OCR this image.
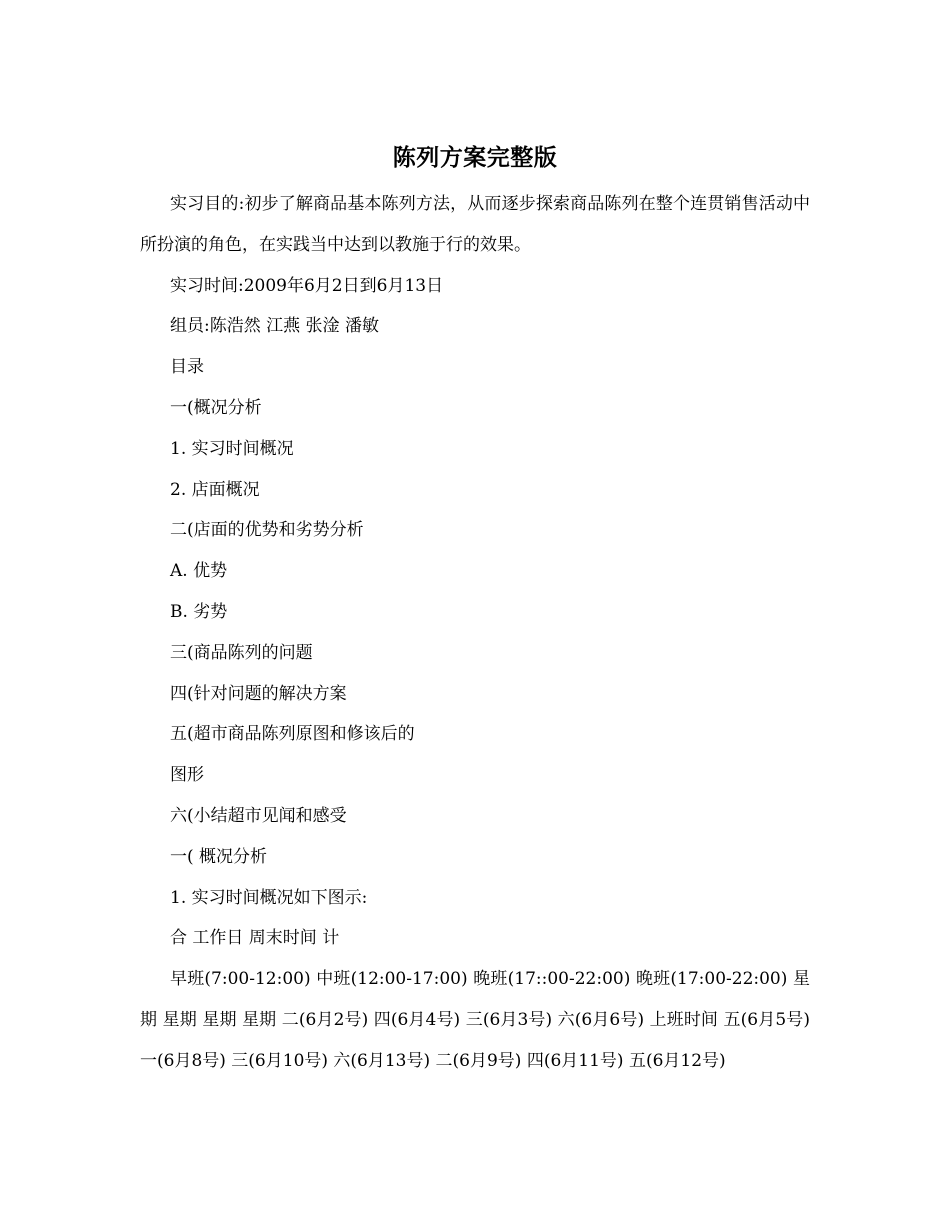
陈列方案完整版

实习目的:初步了解商品基本陈列方法，从而逐步探索商品陈列在整个连贯销售活动中所扮演的角色，在实践当中达到以教施于行的效果。

实习时间:2009年6月2日到6月13日

组员:陈浩然 江燕 张淦 潘敏

目录

一(概况分析

1. 实习时间概况

2. 店面概况

二(店面的优势和劣势分析

A. 优势

B. 劣势

三(商品陈列的问题

四(针对问题的解决方案

五(超市商品陈列原图和修该后的

图形

六(小结超市见闻和感受

一( 概况分析

1. 实习时间概况如下图示:

合 工作日 周末时间 计

早班(7:00-12:00) 中班(12:00-17:00) 晚班(17::00-22:00) 晚班(17:00-22:00) 星期 星期 星期 星期 二(6月2号) 四(6月4号) 三(6月3号) 六(6月6号) 上班时间 五(6月5号) 一(6月8号) 三(6月10号) 六(6月13号) 二(6月9号) 四(6月11号) 五(6月12号)
